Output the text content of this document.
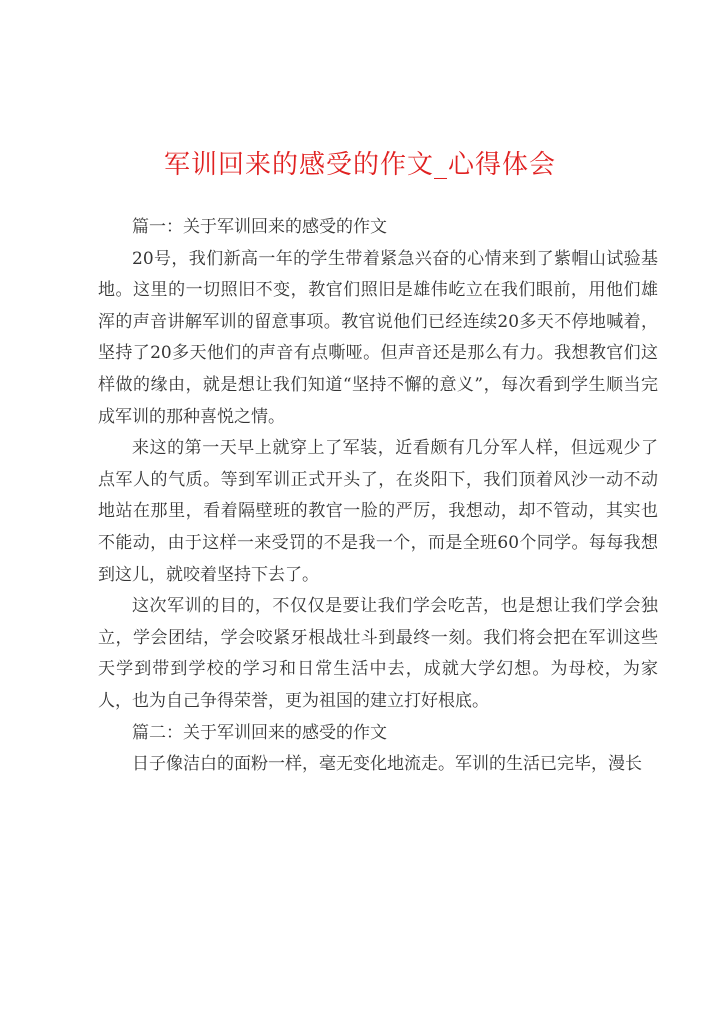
军训回来的感受的作文_心得体会

篇一：关于军训回来的感受的作文

20号，我们新高一年的学生带着紧急兴奋的心情来到了紫帽山试验基地。这里的一切照旧不变，教官们照旧是雄伟屹立在我们眼前，用他们雄浑的声音讲解军训的留意事项。教官说他们已经连续20多天不停地喊着，坚持了20多天他们的声音有点嘶哑。但声音还是那么有力。我想教官们这样做的缘由，就是想让我们知道“坚持不懈的意义”，每次看到学生顺当完成军训的那种喜悦之情。

来这的第一天早上就穿上了军装，近看颇有几分军人样，但远观少了点军人的气质。等到军训正式开头了，在炎阳下，我们顶着风沙一动不动地站在那里，看着隔壁班的教官一脸的严厉，我想动，却不管动，其实也不能动，由于这样一来受罚的不是我一个，而是全班60个同学。每每我想到这儿，就咬着坚持下去了。

这次军训的目的，不仅仅是要让我们学会吃苦，也是想让我们学会独立，学会团结，学会咬紧牙根战壮斗到最终一刻。我们将会把在军训这些天学到带到学校的学习和日常生活中去，成就大学幻想。为母校，为家人，也为自己争得荣誉，更为祖国的建立打好根底。

篇二：关于军训回来的感受的作文

日子像洁白的面粉一样，毫无变化地流走。军训的生活已完毕，漫长
